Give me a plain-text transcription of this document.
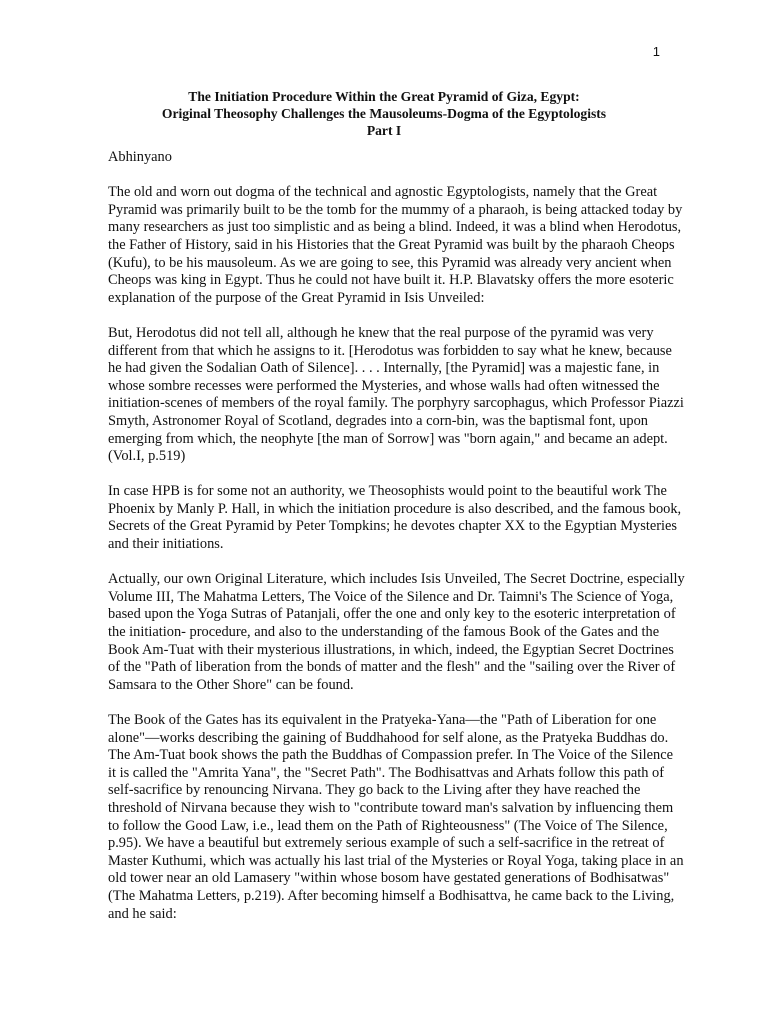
1
The Initiation Procedure Within the Great Pyramid of Giza, Egypt:
Original Theosophy Challenges the Mausoleums-Dogma of the Egyptologists
Part I
Abhinyano
The old and worn out dogma of the technical and agnostic Egyptologists, namely that the Great
Pyramid was primarily built to be the tomb for the mummy of a pharaoh, is being attacked today by
many researchers as just too simplistic and as being a blind. Indeed, it was a blind when Herodotus,
the Father of History, said in his Histories that the Great Pyramid was built by the pharaoh Cheops
(Kufu), to be his mausoleum. As we are going to see, this Pyramid was already very ancient when
Cheops was king in Egypt. Thus he could not have built it. H.P. Blavatsky offers the more esoteric
explanation of the purpose of the Great Pyramid in Isis Unveiled:
But, Herodotus did not tell all, although he knew that the real purpose of the pyramid was very
different from that which he assigns to it. [Herodotus was forbidden to say what he knew, because
he had given the Sodalian Oath of Silence]. . . . Internally, [the Pyramid] was a majestic fane, in
whose sombre recesses were performed the Mysteries, and whose walls had often witnessed the
initiation-scenes of members of the royal family. The porphyry sarcophagus, which Professor Piazzi
Smyth, Astronomer Royal of Scotland, degrades into a corn-bin, was the baptismal font, upon
emerging from which, the neophyte [the man of Sorrow] was "born again," and became an adept.
(Vol.I, p.519)
In case HPB is for some not an authority, we Theosophists would point to the beautiful work The
Phoenix by Manly P. Hall, in which the initiation procedure is also described, and the famous book,
Secrets of the Great Pyramid by Peter Tompkins; he devotes chapter XX to the Egyptian Mysteries
and their initiations.
Actually, our own Original Literature, which includes Isis Unveiled, The Secret Doctrine, especially
Volume III, The Mahatma Letters, The Voice of the Silence and Dr. Taimni's The Science of Yoga,
based upon the Yoga Sutras of Patanjali, offer the one and only key to the esoteric interpretation of
the initiation- procedure, and also to the understanding of the famous Book of the Gates and the
Book Am-Tuat with their mysterious illustrations, in which, indeed, the Egyptian Secret Doctrines
of the "Path of liberation from the bonds of matter and the flesh" and the "sailing over the River of
Samsara to the Other Shore" can be found.
The Book of the Gates has its equivalent in the Pratyeka-Yana—the "Path of Liberation for one
alone"—works describing the gaining of Buddhahood for self alone, as the Pratyeka Buddhas do.
The Am-Tuat book shows the path the Buddhas of Compassion prefer. In The Voice of the Silence
it is called the "Amrita Yana", the "Secret Path". The Bodhisattvas and Arhats follow this path of
self-sacrifice by renouncing Nirvana. They go back to the Living after they have reached the
threshold of Nirvana because they wish to "contribute toward man's salvation by influencing them
to follow the Good Law, i.e., lead them on the Path of Righteousness" (The Voice of The Silence,
p.95). We have a beautiful but extremely serious example of such a self-sacrifice in the retreat of
Master Kuthumi, which was actually his last trial of the Mysteries or Royal Yoga, taking place in an
old tower near an old Lamasery "within whose bosom have gestated generations of Bodhisatwas"
(The Mahatma Letters, p.219). After becoming himself a Bodhisattva, he came back to the Living,
and he said:
